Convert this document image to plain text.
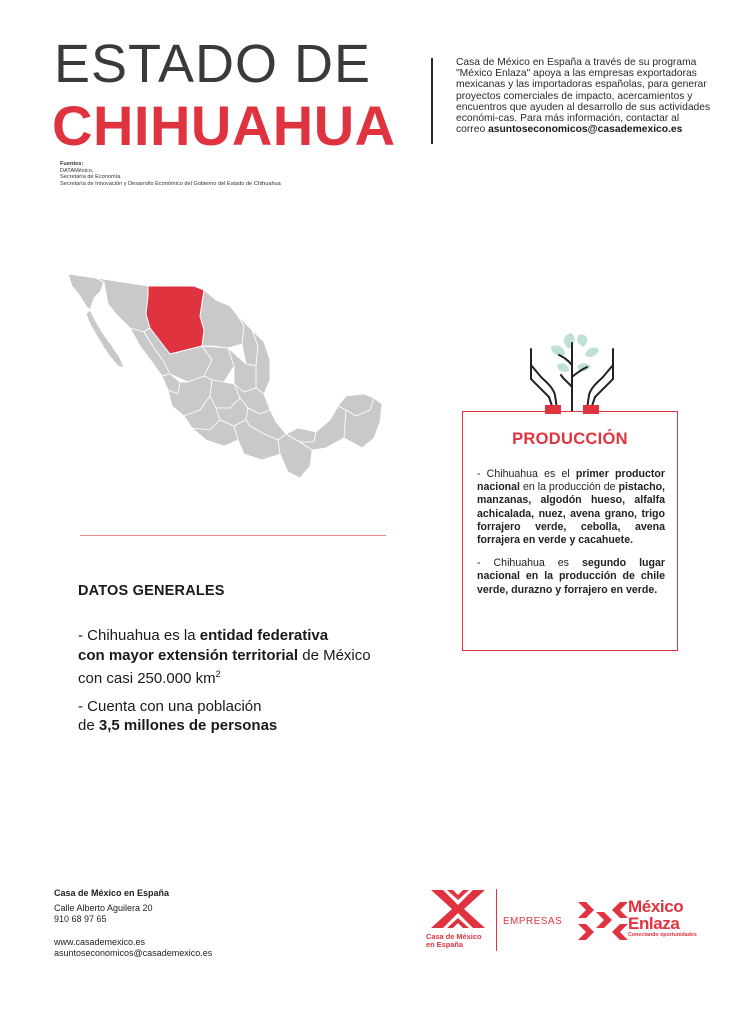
ESTADO DE
CHIHUAHUA
Casa de México en España a través de su programa "México Enlaza" apoya a las empresas exportadoras mexicanas y las importadoras españolas, para generar proyectos comerciales de impacto, acercamientos y encuentros que ayuden al desarrollo de sus actividades económi-cas. Para más información, contactar al correo asuntoseconomicos@casademexico.es
Fuentes:
DATAMéxico,
Secretaría de Economía
Secretaría de Innovación y Desarrollo Económico del Gobierno del Estado de Chihuahua
DATOS GENERALES

- Chihuahua es la entidad federativa
con mayor extensión territorial de México
con casi 250.000 $km^2$

- Cuenta con una población
de 3,5 millones de personas

PRODUCCIÓN

- Chihuahua es el primer productor nacional en la producción de pistacho, manzanas, algodón hueso, alfalfa achicalada, nuez, avena grano, trigo forrajero verde, cebolla, avena forrajera en verde y cacahuete.

- Chihuahua es segundo lugar nacional en la producción de chile verde, durazno y forrajero en verde.

Casa de México en España
Calle Alberto Aguilera 20
910 68 97 65
www.casademexico.es
asuntoseconomicos@casademexico.es
Casa de México
en España
EMPRESAS
México
Enlaza
Conectando oportunidades
